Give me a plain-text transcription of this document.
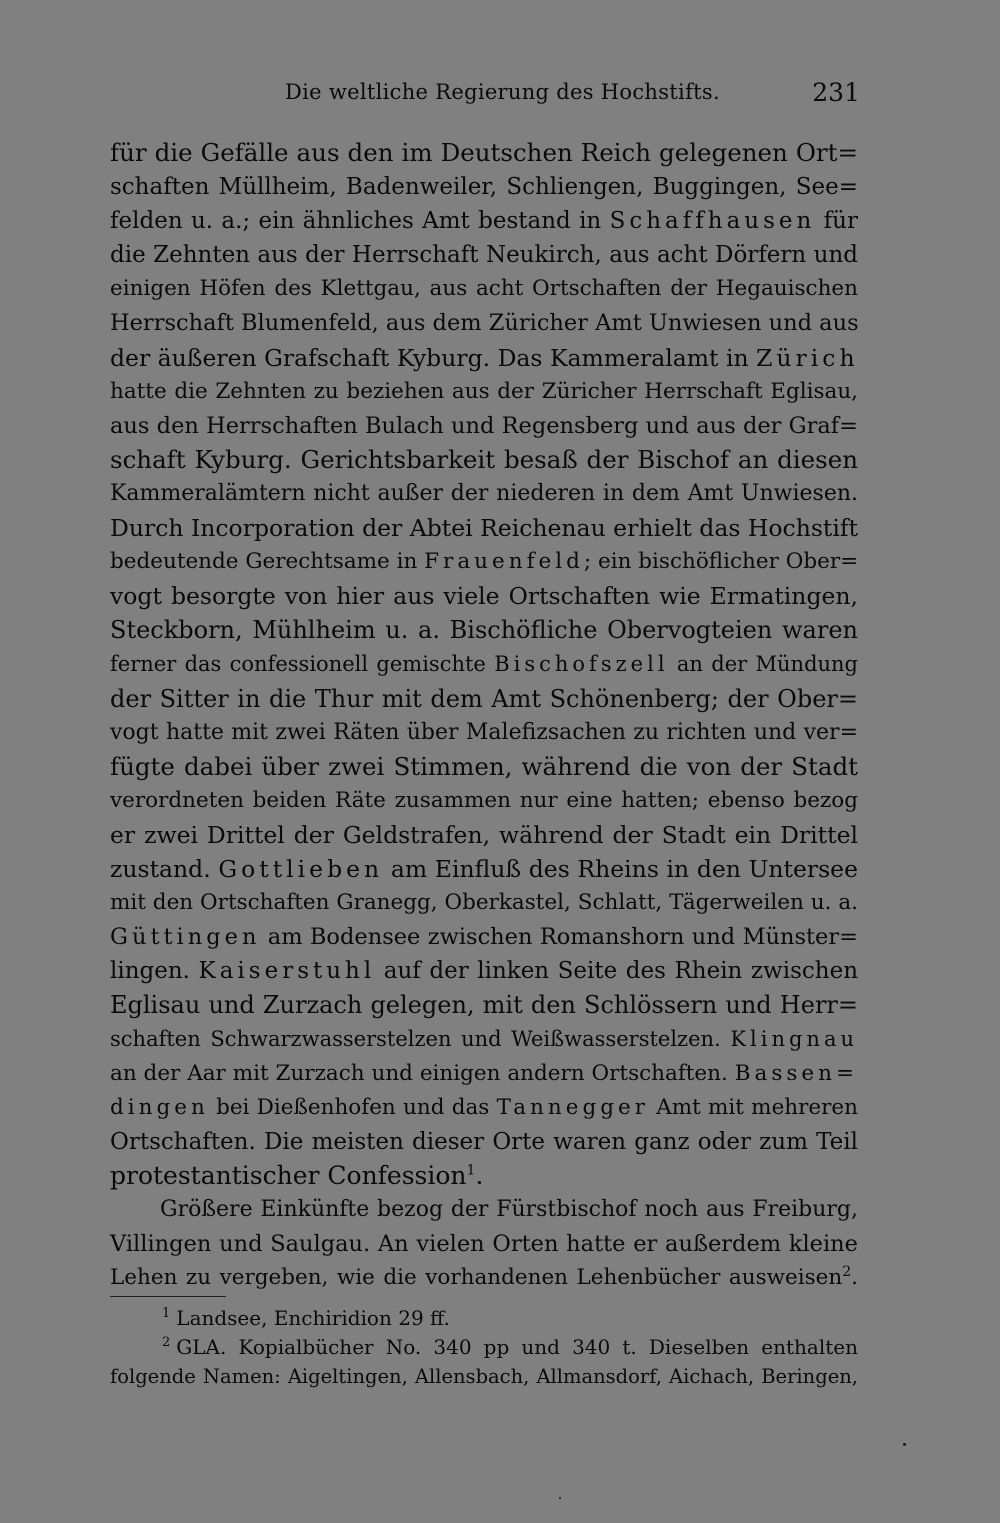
Die weltliche Regierung des Hochstifts.	231
für die Gefälle aus den im Deutschen Reich gelegenen Ort=
schaften Müllheim, Badenweiler, Schliengen, Buggingen, See=
felden u. a.; ein ähnliches Amt bestand in Schaffhausen für
die Zehnten aus der Herrschaft Neukirch, aus acht Dörfern und
einigen Höfen des Klettgau, aus acht Ortschaften der Hegauischen
Herrschaft Blumenfeld, aus dem Züricher Amt Unwiesen und aus
der äußeren Grafschaft Kyburg. Das Kammeralamt in Zürich
hatte die Zehnten zu beziehen aus der Züricher Herrschaft Eglisau,
aus den Herrschaften Bulach und Regensberg und aus der Graf=
schaft Kyburg. Gerichtsbarkeit besaß der Bischof an diesen
Kammeralämtern nicht außer der niederen in dem Amt Unwiesen.
Durch Incorporation der Abtei Reichenau erhielt das Hochstift
bedeutende Gerechtsame in Frauenfeld; ein bischöflicher Ober=
vogt besorgte von hier aus viele Ortschaften wie Ermatingen,
Steckborn, Mühlheim u. a. Bischöfliche Obervogteien waren
ferner das confessionell gemischte Bischofszell an der Mündung
der Sitter in die Thur mit dem Amt Schönenberg; der Ober=
vogt hatte mit zwei Räten über Malefizsachen zu richten und ver=
fügte dabei über zwei Stimmen, während die von der Stadt
verordneten beiden Räte zusammen nur eine hatten; ebenso bezog
er zwei Drittel der Geldstrafen, während der Stadt ein Drittel
zustand. Gottlieben am Einfluß des Rheins in den Untersee
mit den Ortschaften Granegg, Oberkastel, Schlatt, Tägerweilen u. a.
Güttingen am Bodensee zwischen Romanshorn und Münster=
lingen. Kaiserstuhl auf der linken Seite des Rhein zwischen
Eglisau und Zurzach gelegen, mit den Schlössern und Herr=
schaften Schwarzwasserstelzen und Weißwasserstelzen. Klingnau
an der Aar mit Zurzach und einigen andern Ortschaften. Bassen=
dingen bei Dießenhofen und das Tannegger Amt mit mehreren
Ortschaften. Die meisten dieser Orte waren ganz oder zum Teil
protestantischer Confession$^1$.
Größere Einkünfte bezog der Fürstbischof noch aus Freiburg,
Villingen und Saulgau. An vielen Orten hatte er außerdem kleine
Lehen zu vergeben, wie die vorhandenen Lehenbücher ausweisen$^2$.
$^1$ Landsee, Enchiridion 29 ff.
$^2$ GLA. Kopialbücher No. 340 pp und 340 t. Dieselben enthalten
folgende Namen: Aigeltingen, Allensbach, Allmansdorf, Aichach, Beringen,
